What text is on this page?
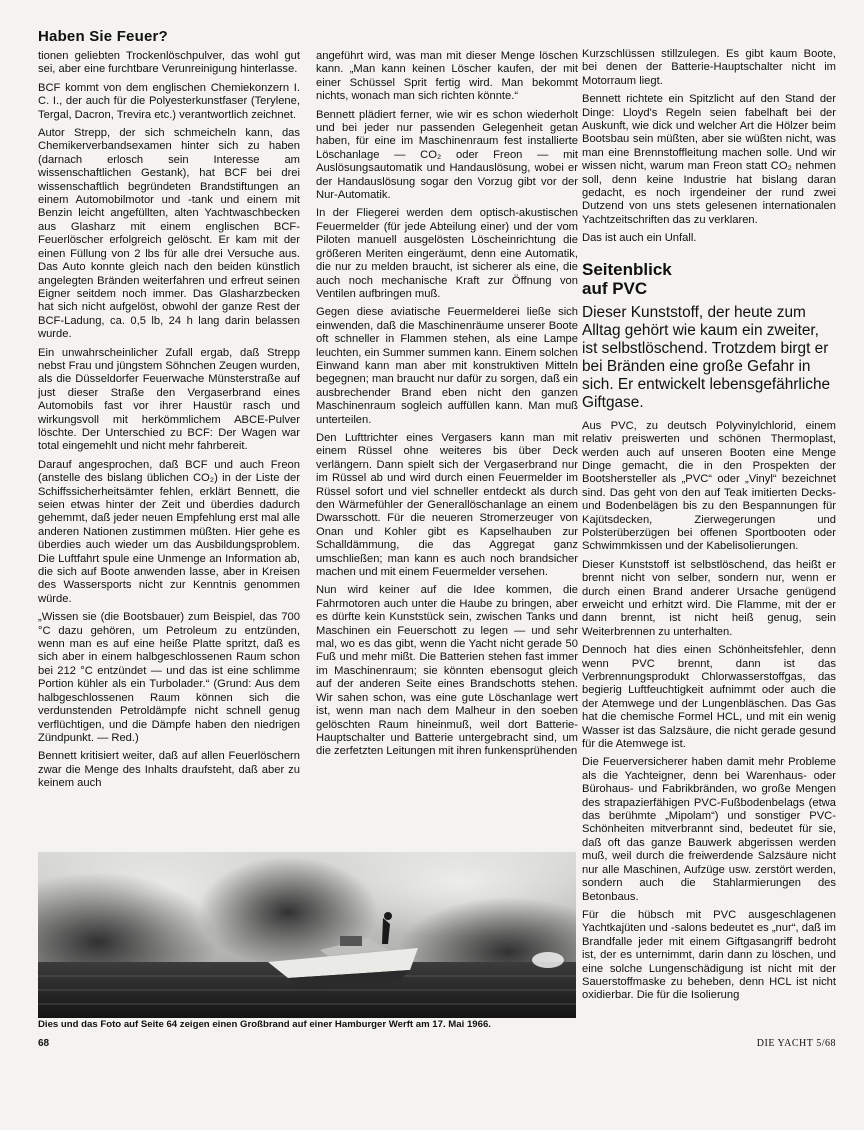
Haben Sie Feuer?

tionen geliebten Trockenlöschpulver, das wohl gut sei, aber eine furchtbare Verunreinigung hinterlasse.

BCF kommt von dem englischen Chemiekonzern I. C. I., der auch für die Polyesterkunstfaser (Terylene, Tergal, Dacron, Trevira etc.) verantwortlich zeichnet.

Autor Strepp, der sich schmeicheln kann, das Chemikerverbandsexamen hinter sich zu haben (darnach erlosch sein Interesse am wissenschaftlichen Gestank), hat BCF bei drei wissenschaftlich begründeten Brandstiftungen an einem Automobilmotor und -tank und einem mit Benzin leicht angefüllten, alten Yachtwaschbecken aus Glasharz mit einem englischen BCF-Feuerlöscher erfolgreich gelöscht. Er kam mit der einen Füllung von 2 lbs für alle drei Versuche aus. Das Auto konnte gleich nach den beiden künstlich angelegten Bränden weiterfahren und erfreut seinen Eigner seitdem noch immer. Das Glasharzbecken hat sich nicht aufgelöst, obwohl der ganze Rest der BCF-Ladung, ca. 0,5 lb, 24 h lang darin belassen wurde.

Ein unwahrscheinlicher Zufall ergab, daß Strepp nebst Frau und jüngstem Söhnchen Zeugen wurden, als die Düsseldorfer Feuerwache Münsterstraße auf just dieser Straße den Vergaserbrand eines Automobils fast vor ihrer Haustür rasch und wirkungsvoll mit herkömmlichem ABCE-Pulver löschte. Der Unterschied zu BCF: Der Wagen war total eingemehlt und nicht mehr fahrbereit.

Darauf angesprochen, daß BCF und auch Freon (anstelle des bislang üblichen CO₂) in der Liste der Schiffssicherheitsämter fehlen, erklärt Bennett, die seien etwas hinter der Zeit und überdies dadurch gehemmt, daß jeder neuen Empfehlung erst mal alle anderen Nationen zustimmen müßten. Hier gehe es überdies auch wieder um das Ausbildungsproblem. Die Luftfahrt spule eine Unmenge an Information ab, die sich auf Boote anwenden lasse, aber in Kreisen des Wassersports nicht zur Kenntnis genommen würde.

„Wissen sie (die Bootsbauer) zum Beispiel, das 700 °C dazu gehören, um Petroleum zu entzünden, wenn man es auf eine heiße Platte spritzt, daß es sich aber in einem halbgeschlossenen Raum schon bei 212 °C entzündet — und das ist eine schlimme Portion kühler als ein Turbolader.“ (Grund: Aus dem halbgeschlossenen Raum können sich die verdunstenden Petroldämpfe nicht schnell genug verflüchtigen, und die Dämpfe haben den niedrigen Zündpunkt. — Red.)

Bennett kritisiert weiter, daß auf allen Feuerlöschern zwar die Menge des Inhalts draufsteht, daß aber zu keinem auch

angeführt wird, was man mit dieser Menge löschen kann. „Man kann keinen Löscher kaufen, der mit einer Schüssel Sprit fertig wird. Man bekommt nichts, wonach man sich richten könnte.“

Bennett plädiert ferner, wie wir es schon wiederholt und bei jeder nur passenden Gelegenheit getan haben, für eine im Maschinenraum fest installierte Löschanlage — CO₂ oder Freon — mit Auslösungsautomatik und Handauslösung, wobei er der Handauslösung sogar den Vorzug gibt vor der Nur-Automatik.

In der Fliegerei werden dem optisch-akustischen Feuermelder (für jede Abteilung einer) und der vom Piloten manuell ausgelösten Löscheinrichtung die größeren Meriten eingeräumt, denn eine Automatik, die nur zu melden braucht, ist sicherer als eine, die auch noch mechanische Kraft zur Öffnung von Ventilen aufbringen muß.

Gegen diese aviatische Feuermelderei ließe sich einwenden, daß die Maschinenräume unserer Boote oft schneller in Flammen stehen, als eine Lampe leuchten, ein Summer summen kann. Einem solchen Einwand kann man aber mit konstruktiven Mitteln begegnen; man braucht nur dafür zu sorgen, daß ein ausbrechender Brand eben nicht den ganzen Maschinenraum sogleich auffüllen kann. Man muß unterteilen.

Den Lufttrichter eines Vergasers kann man mit einem Rüssel ohne weiteres bis über Deck verlängern. Dann spielt sich der Vergaserbrand nur im Rüssel ab und wird durch einen Feuermelder im Rüssel sofort und viel schneller entdeckt als durch den Wärmefühler der Generallöschanlage an einem Dwarsschott. Für die neueren Stromerzeuger von Onan und Kohler gibt es Kapselhauben zur Schalldämmung, die das Aggregat ganz umschließen; man kann es auch noch brandsicher machen und mit einem Feuermelder versehen.

Nun wird keiner auf die Idee kommen, die Fahrmotoren auch unter die Haube zu bringen, aber es dürfte kein Kunststück sein, zwischen Tanks und Maschinen ein Feuerschott zu legen — und sehr mal, wo es das gibt, wenn die Yacht nicht gerade 50 Fuß und mehr mißt. Die Batterien stehen fast immer im Maschinenraum; sie könnten ebensogut gleich auf der anderen Seite eines Brandschotts stehen. Wir sahen schon, was eine gute Löschanlage wert ist, wenn man nach dem Malheur in den soeben gelöschten Raum hineinmuß, weil dort Batterie-Hauptschalter und Batterie untergebracht sind, um die zerfetzten Leitungen mit ihren funkensprühenden

Kurzschlüssen stillzulegen. Es gibt kaum Boote, bei denen der Batterie-Hauptschalter nicht im Motorraum liegt.

Bennett richtete ein Spitzlicht auf den Stand der Dinge: Lloyd's Regeln seien fabelhaft bei der Auskunft, wie dick und welcher Art die Hölzer beim Bootsbau sein müßten, aber sie wüßten nicht, was man eine Brennstoffleitung machen solle. Und wir wissen nicht, warum man Freon statt CO₂ nehmen soll, denn keine Industrie hat bislang daran gedacht, es noch irgendeiner der rund zwei Dutzend von uns stets gelesenen internationalen Yachtzeitschriften das zu verklaren.

Das ist auch ein Unfall.

Seitenblick
auf PVC
Dieser Kunststoff, der heute zum Alltag gehört wie kaum ein zweiter, ist selbstlöschend. Trotzdem birgt er bei Bränden eine große Gefahr in sich. Er entwickelt lebensgefährliche Giftgase.

Aus PVC, zu deutsch Polyvinylchlorid, einem relativ preiswerten und schönen Thermoplast, werden auch auf unseren Booten eine Menge Dinge gemacht, die in den Prospekten der Bootshersteller als „PVC“ oder „Vinyl“ bezeichnet sind. Das geht von den auf Teak imitierten Decks- und Bodenbelägen bis zu den Bespannungen für Kajütsdecken, Zierwegerungen und Polsterüberzügen bei offenen Sportbooten oder Schwimmkissen und der Kabelisolierungen.

Dieser Kunststoff ist selbstlöschend, das heißt er brennt nicht von selber, sondern nur, wenn er durch einen Brand anderer Ursache genügend erweicht und erhitzt wird. Die Flamme, mit der er dann brennt, ist nicht heiß genug, sein Weiterbrennen zu unterhalten.

Dennoch hat dies einen Schönheitsfehler, denn wenn PVC brennt, dann ist das Verbrennungsprodukt Chlorwasserstoffgas, das begierig Luftfeuchtigkeit aufnimmt oder auch die der Atemwege und der Lungenbläschen. Das Gas hat die chemische Formel HCL, und mit ein wenig Wasser ist das Salzsäure, die nicht gerade gesund für die Atemwege ist.

Die Feuerversicherer haben damit mehr Probleme als die Yachteigner, denn bei Warenhaus- oder Bürohaus- und Fabrikbränden, wo große Mengen des strapazierfähigen PVC-Fußbodenbelags (etwa das berühmte „Mipolam“) und sonstiger PVC-Schönheiten mitverbrannt sind, bedeutet für sie, daß oft das ganze Bauwerk abgerissen werden muß, weil durch die freiwerdende Salzsäure nicht nur alle Maschinen, Aufzüge usw. zerstört werden, sondern auch die Stahlarmierungen des Betonbaus.

Für die hübsch mit PVC ausgeschlagenen Yachtkajüten und -salons bedeutet es „nur“, daß im Brandfalle jeder mit einem Giftgasangriff bedroht ist, der es unternimmt, darin dann zu löschen, und eine solche Lungenschädigung ist nicht mit der Sauerstoffmaske zu beheben, denn HCL ist nicht oxidierbar. Die für die Isolierung

Dies und das Foto auf Seite 64 zeigen einen Großbrand auf einer Hamburger Werft am 17. Mai 1966.
68	DIE YACHT 5/68
